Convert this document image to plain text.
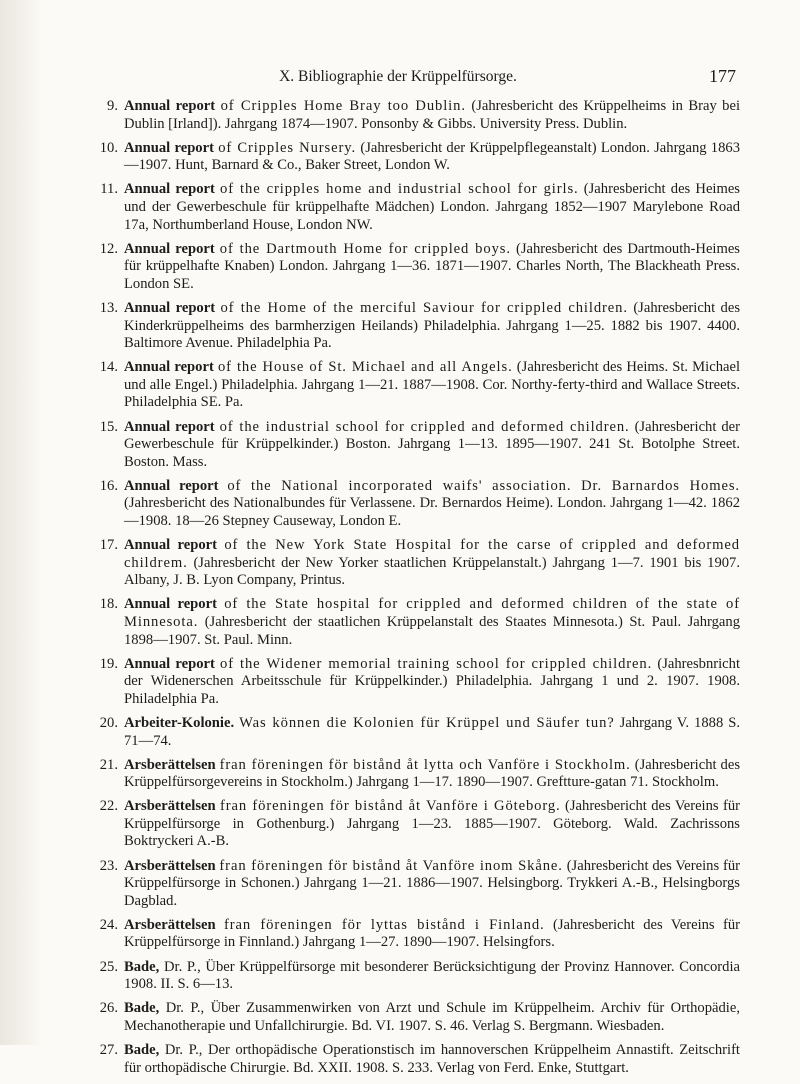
X. Bibliographie der Krüppelfürsorge.	177
9. Annual report of Cripples Home Bray too Dublin. (Jahresbericht des Krüppelheims in Bray bei Dublin [Irland]). Jahrgang 1874—1907. Ponsonby & Gibbs. University Press. Dublin.
10. Annual report of Cripples Nursery. (Jahresbericht der Krüppelpflegeanstalt) London. Jahrgang 1863—1907. Hunt, Barnard & Co., Baker Street, London W.
11. Annual report of the cripples home and industrial school for girls. (Jahresbericht des Heimes und der Gewerbeschule für krüppelhafte Mädchen) London. Jahrgang 1852—1907 Marylebone Road 17a, Northumberland House, London NW.
12. Annual report of the Dartmouth Home for crippled boys. (Jahresbericht des Dartmouth-Heimes für krüppelhafte Knaben) London. Jahrgang 1—36. 1871—1907. Charles North, The Blackheath Press. London SE.
13. Annual report of the Home of the merciful Saviour for crippled children. (Jahresbericht des Kinderkrüppelheims des barmherzigen Heilands) Philadelphia. Jahrgang 1—25. 1882 bis 1907. 4400. Baltimore Avenue. Philadelphia Pa.
14. Annual report of the House of St. Michael and all Angels. (Jahresbericht des Heims. St. Michael und alle Engel.) Philadelphia. Jahrgang 1—21. 1887—1908. Cor. Northy-ferty-third and Wallace Streets. Philadelphia SE. Pa.
15. Annual report of the industrial school for crippled and deformed children. (Jahresbericht der Gewerbeschule für Krüppelkinder.) Boston. Jahrgang 1—13. 1895—1907. 241 St. Botolphe Street. Boston. Mass.
16. Annual report of the National incorporated waifs' association. Dr. Barnardos Homes. (Jahresbericht des Nationalbundes für Verlassene. Dr. Bernardos Heime). London. Jahrgang 1—42. 1862—1908. 18—26 Stepney Causeway, London E.
17. Annual report of the New York State Hospital for the carse of crippled and deformed childrem. (Jahresbericht der New Yorker staatlichen Krüppelanstalt.) Jahrgang 1—7. 1901 bis 1907. Albany, J. B. Lyon Company, Printus.
18. Annual report of the State hospital for crippled and deformed children of the state of Minnesota. (Jahresbericht der staatlichen Krüppelanstalt des Staates Minnesota.) St. Paul. Jahrgang 1898—1907. St. Paul. Minn.
19. Annual report of the Widener memorial training school for crippled children. (Jahresbnricht der Widenerschen Arbeitsschule für Krüppelkinder.) Philadelphia. Jahrgang 1 und 2. 1907. 1908. Philadelphia Pa.
20. Arbeiter-Kolonie. Was können die Kolonien für Krüppel und Säufer tun? Jahrgang V. 1888 S. 71—74.
21. Arsberättelsen fran föreningen för bistånd åt lytta och Vanföre i Stockholm. (Jahresbericht des Krüppelfürsorgevereins in Stockholm.) Jahrgang 1—17. 1890—1907. Greftture-gatan 71. Stockholm.
22. Arsberättelsen fran föreningen för bistånd åt Vanföre i Göteborg. (Jahresbericht des Vereins für Krüppelfürsorge in Gothenburg.) Jahrgang 1—23. 1885—1907. Göteborg. Wald. Zachrissons Boktryckeri A.-B.
23. Arsberättelsen fran föreningen för bistånd åt Vanföre inom Skåne. (Jahresbericht des Vereins für Krüppelfürsorge in Schonen.) Jahrgang 1—21. 1886—1907. Helsingborg. Trykkeri A.-B., Helsingborgs Dagblad.
24. Arsberättelsen fran föreningen för lyttas bistånd i Finland. (Jahresbericht des Vereins für Krüppelfürsorge in Finnland.) Jahrgang 1—27. 1890—1907. Helsingfors.
25. Bade, Dr. P., Über Krüppelfürsorge mit besonderer Berücksichtigung der Provinz Hannover. Concordia 1908. II. S. 6—13.
26. Bade, Dr. P., Über Zusammenwirken von Arzt und Schule im Krüppelheim. Archiv für Orthopädie, Mechanotherapie und Unfallchirurgie. Bd. VI. 1907. S. 46. Verlag S. Bergmann. Wiesbaden.
27. Bade, Dr. P., Der orthopädische Operationstisch im hannoverschen Krüppelheim Annastift. Zeitschrift für orthopädische Chirurgie. Bd. XXII. 1908. S. 233. Verlag von Ferd. Enke, Stuttgart.
